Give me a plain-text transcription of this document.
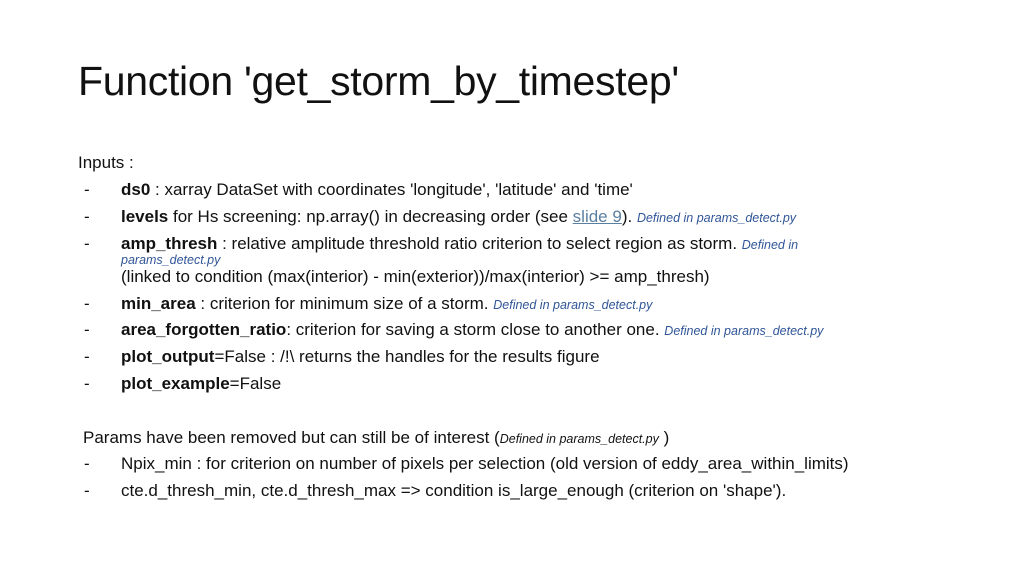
Function 'get_storm_by_timestep'
Inputs :
- ds0 : xarray DataSet with coordinates 'longitude', 'latitude' and 'time'
- levels for Hs screening: np.array() in decreasing order (see slide 9). Defined in params_detect.py
- amp_thresh : relative amplitude threshold ratio criterion to select region as storm. Defined in
params_detect.py
(linked to condition (max(interior) - min(exterior))/max(interior) >= amp_thresh)
- min_area : criterion for minimum size of a storm. Defined in params_detect.py
- area_forgotten_ratio: criterion for saving a storm close to another one. Defined in params_detect.py
- plot_output=False : /!\ returns the handles for the results figure
- plot_example=False
Params have been removed but can still be of interest (Defined in params_detect.py )
- Npix_min : for criterion on number of pixels per selection (old version of eddy_area_within_limits)
- cte.d_thresh_min, cte.d_thresh_max => condition is_large_enough (criterion on 'shape').
